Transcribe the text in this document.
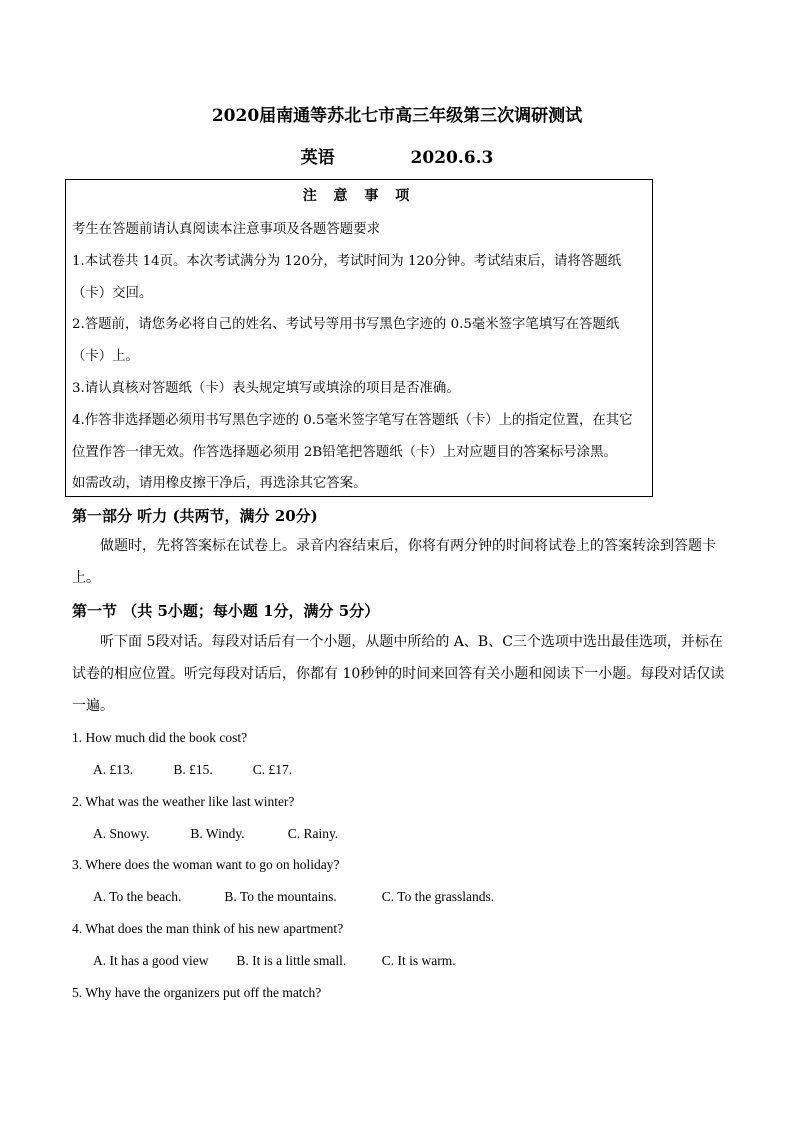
2020届南通等苏北七市高三年级第三次调研测试
英语	2020.6.3
注 意 事 项
考生在答题前请认真阅读本注意事项及各题答题要求
1.本试卷共 14页。本次考试满分为 120分，考试时间为 120分钟。考试结束后，请将答题纸
（卡）交回。
2.答题前，请您务必将自己的姓名、考试号等用书写黑色字迹的 0.5毫米签字笔填写在答题纸
（卡）上。
3.请认真核对答题纸（卡）表头规定填写或填涂的项目是否准确。
4.作答非选择题必须用书写黑色字迹的 0.5毫米签字笔写在答题纸（卡）上的指定位置，在其它
位置作答一律无效。作答选择题必须用 2B铅笔把答题纸（卡）上对应题目的答案标号涂黑。
如需改动，请用橡皮擦干净后，再选涂其它答案。
第一部分 听力 (共两节，满分 20分)
做题时，先将答案标在试卷上。录音内容结束后，你将有两分钟的时间将试卷上的答案转涂到答题卡
上。
第一节 （共 5小题；每小题 1分，满分 5分）
听下面 5段对话。每段对话后有一个小题，从题中所给的 A、B、C三个选项中选出最佳选项，并标在
试卷的相应位置。听完每段对话后，你都有 10秒钟的时间来回答有关小题和阅读下一小题。每段对话仅读
一遍。
1. How much did the book cost?
A. £13.	B. £15.	C. £17.
2. What was the weather like last winter?
A. Snowy.	B. Windy.	C. Rainy.
3. Where does the woman want to go on holiday?
A. To the beach.	B. To the mountains.	C. To the grasslands.
4. What does the man think of his new apartment?
A. It has a good view B. It is a little small.	C. It is warm.
5. Why have the organizers put off the match?
